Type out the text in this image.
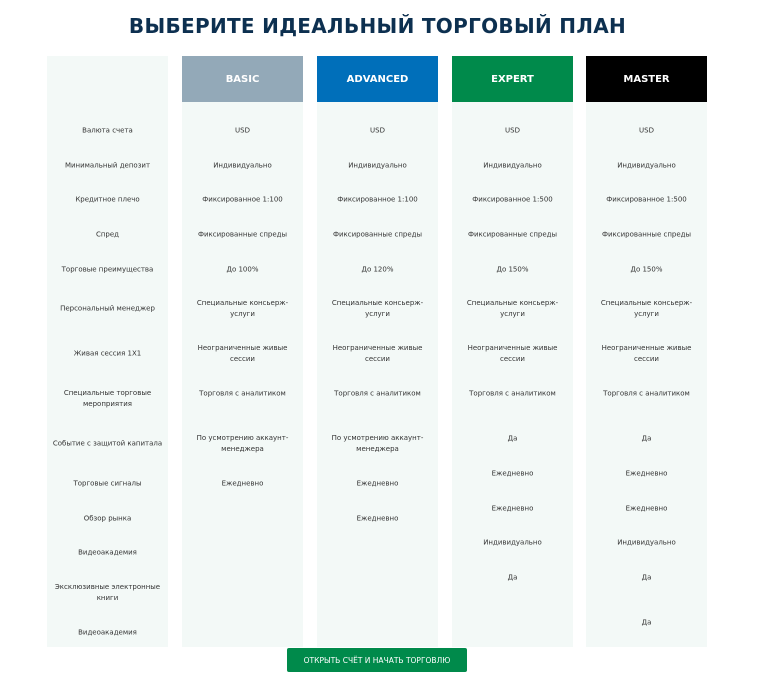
ВЫБЕРИТЕ ИДЕАЛЬНЫЙ ТОРГОВЫЙ ПЛАН
Валюта счета
Минимальный депозит
Кредитное плечо
Спред
Торговые преимущества
Персональный менеджер
Живая сессия 1X1
Специальные торговые мероприятия
Событие с защитой капитала
Торговые сигналы
Обзор рынка
Видеоакадемия
Эксклюзивные электронные книги
Видеоакадемия
BASIC
USD
Индивидуально
Фиксированное 1:100
Фиксированные спреды
До 100%
Специальные консьерж-услуги
Неограниченные живые сессии
Торговля с аналитиком
По усмотрению аккаунт-менеджера
Ежедневно
ADVANCED
USD
Индивидуально
Фиксированное 1:100
Фиксированные спреды
До 120%
Специальные консьерж-услуги
Неограниченные живые сессии
Торговля с аналитиком
По усмотрению аккаунт-менеджера
Ежедневно
Ежедневно
EXPERT
USD
Индивидуально
Фиксированное 1:500
Фиксированные спреды
До 150%
Специальные консьерж-услуги
Неограниченные живые сессии
Торговля с аналитиком
Да
Ежедневно
Ежедневно
Индивидуально
Да
MASTER
USD
Индивидуально
Фиксированное 1:500
Фиксированные спреды
До 150%
Специальные консьерж-услуги
Неограниченные живые сессии
Торговля с аналитиком
Да
Ежедневно
Ежедневно
Индивидуально
Да
Да
ОТКРЫТЬ СЧЁТ И НАЧАТЬ ТОРГОВЛЮ
